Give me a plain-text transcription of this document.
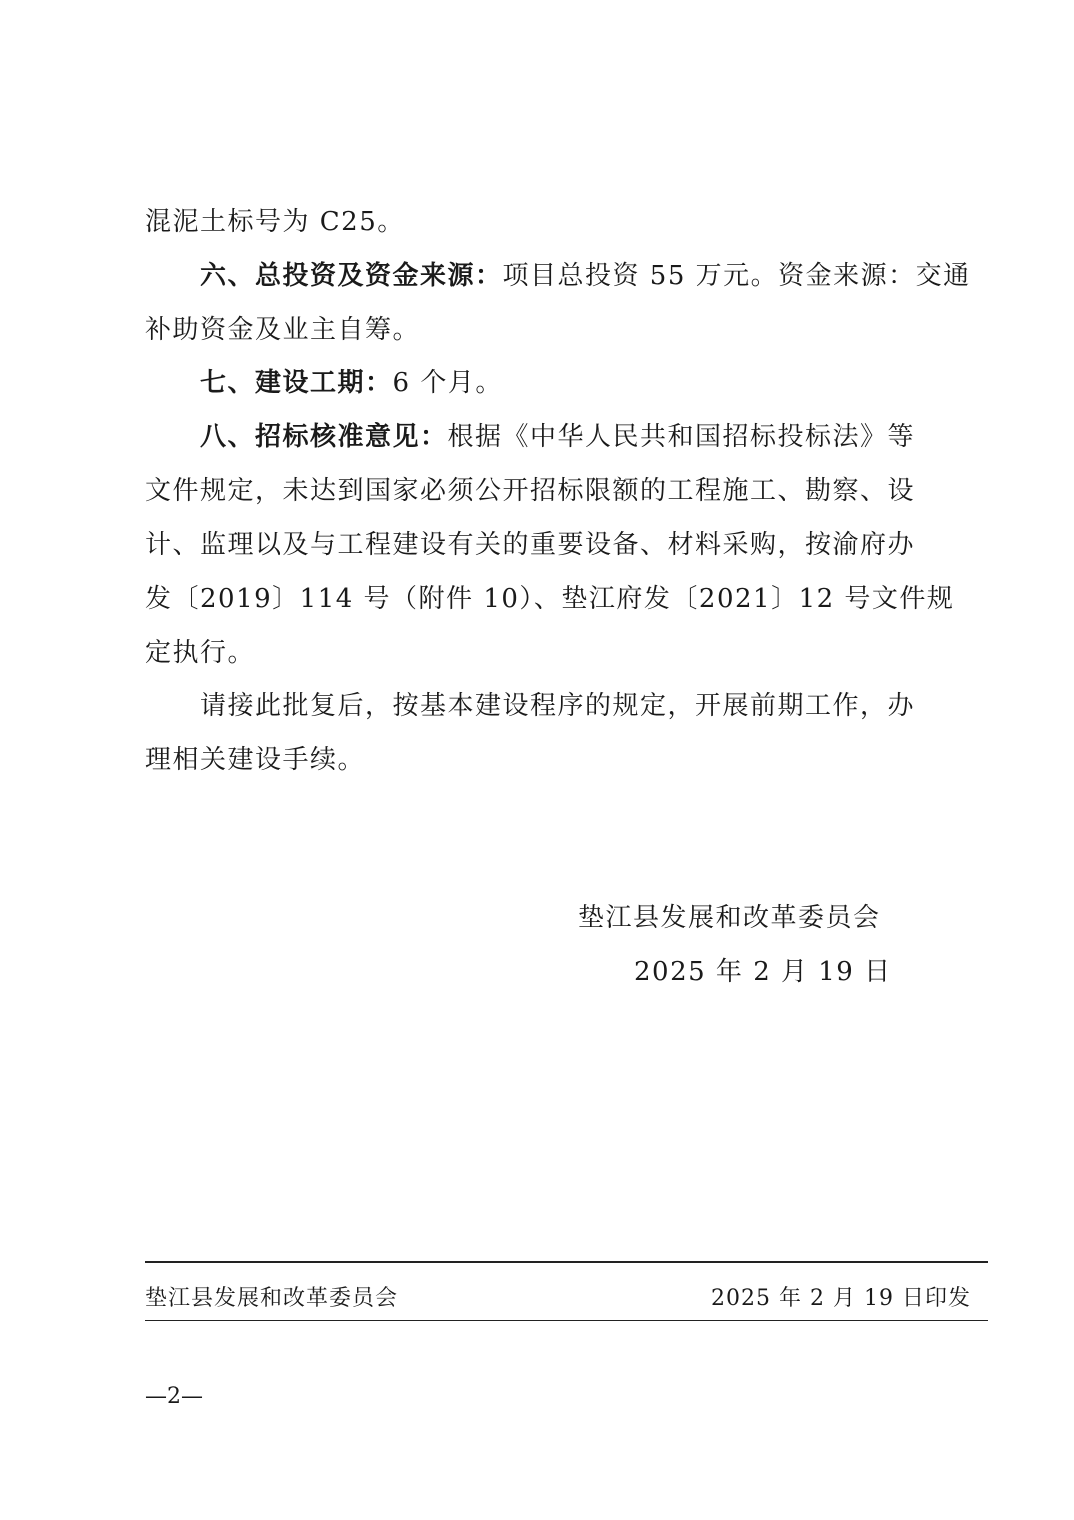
混泥土标号为 C25。
六、总投资及资金来源：项目总投资 55 万元。资金来源：交通
补助资金及业主自筹。
七、建设工期：6 个月。
八、招标核准意见：根据《中华人民共和国招标投标法》等
文件规定，未达到国家必须公开招标限额的工程施工、勘察、设
计、监理以及与工程建设有关的重要设备、材料采购，按渝府办
发〔2019〕114 号（附件 10）、垫江府发〔2021〕12 号文件规
定执行。
请接此批复后，按基本建设程序的规定，开展前期工作，办
理相关建设手续。
垫江县发展和改革委员会
2025 年 2 月 19 日
垫江县发展和改革委员会	2025 年 2 月 19 日印发
—2—
